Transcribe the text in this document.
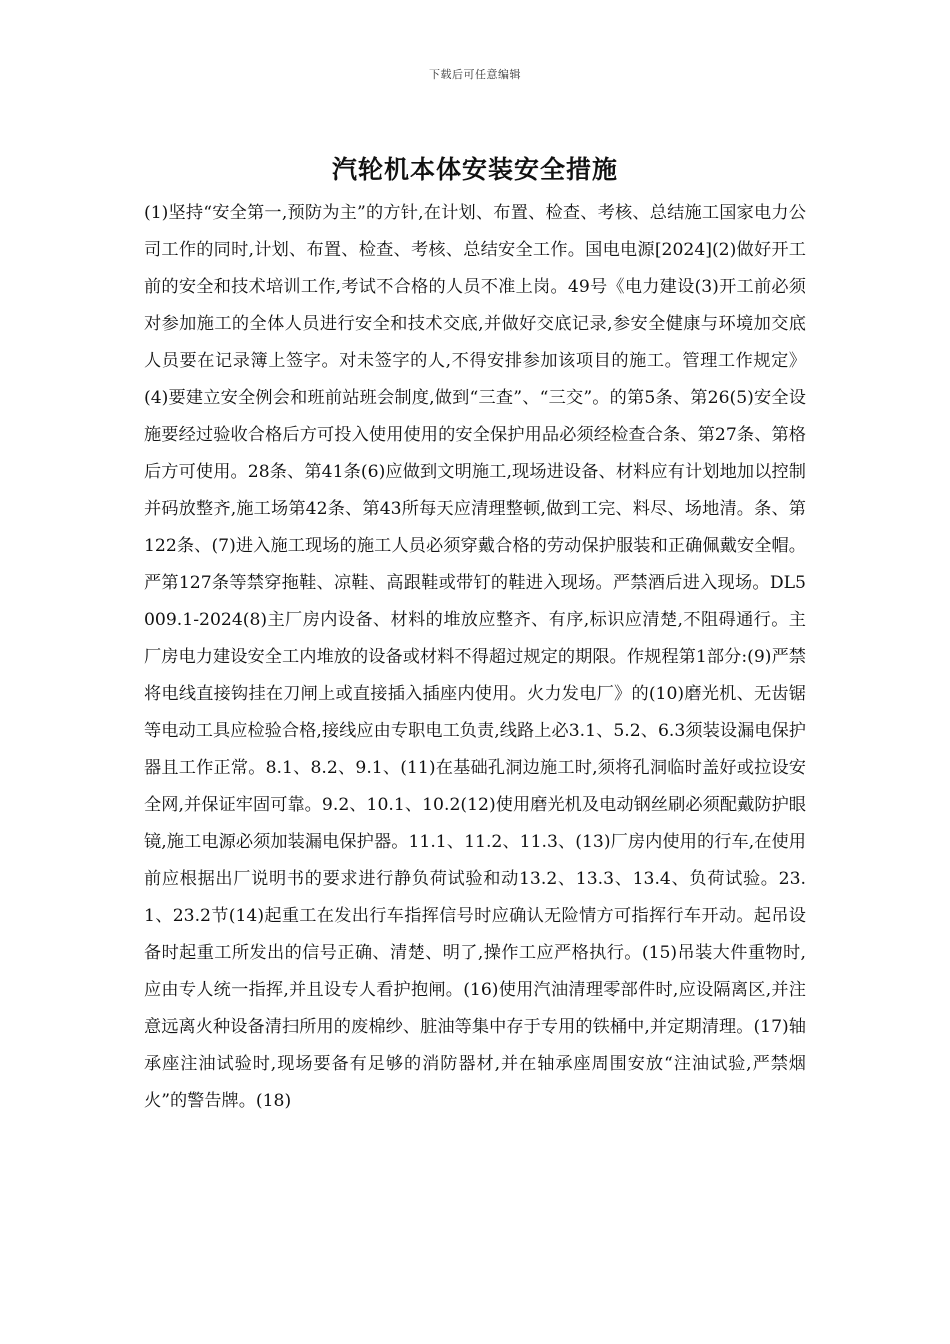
下载后可任意编辑
汽轮机本体安装安全措施

(1)坚持“安全第一,预防为主”的方针,在计划、布置、检查、考核、总结施工国家电力公司工作的同时,计划、布置、检查、考核、总结安全工作。国电电源[2024](2)做好开工前的安全和技术培训工作,考试不合格的人员不准上岗。49号《电力建设(3)开工前必须对参加施工的全体人员进行安全和技术交底,并做好交底记录,参安全健康与环境加交底人员要在记录簿上签字。对未签字的人,不得安排参加该项目的施工。管理工作规定》(4)要建立安全例会和班前站班会制度,做到“三查”、“三交”。的第5条、第26(5)安全设施要经过验收合格后方可投入使用使用的安全保护用品必须经检查合条、第27条、第格后方可使用。28条、第41条(6)应做到文明施工,现场进设备、材料应有计划地加以控制并码放整齐,施工场第42条、第43所每天应清理整顿,做到工完、料尽、场地清。条、第122条、(7)进入施工现场的施工人员必须穿戴合格的劳动保护服装和正确佩戴安全帽。严第127条等禁穿拖鞋、凉鞋、高跟鞋或带钉的鞋进入现场。严禁酒后进入现场。DL5009.1-2024(8)主厂房内设备、材料的堆放应整齐、有序,标识应清楚,不阻碍通行。主厂房电力建设安全工内堆放的设备或材料不得超过规定的期限。作规程第1部分:(9)严禁将电线直接钩挂在刀闸上或直接插入插座内使用。火力发电厂》的(10)磨光机、无齿锯等电动工具应检验合格,接线应由专职电工负责,线路上必3.1、5.2、6.3须装设漏电保护器且工作正常。8.1、8.2、9.1、(11)在基础孔洞边施工时,须将孔洞临时盖好或拉设安全网,并保证牢固可靠。9.2、10.1、10.2(12)使用磨光机及电动钢丝刷必须配戴防护眼镜,施工电源必须加装漏电保护器。11.1、11.2、11.3、(13)厂房内使用的行车,在使用前应根据出厂说明书的要求进行静负荷试验和动13.2、13.3、13.4、负荷试验。23.1、23.2节(14)起重工在发出行车指挥信号时应确认无险情方可指挥行车开动。起吊设备时起重工所发出的信号正确、清楚、明了,操作工应严格执行。(15)吊装大件重物时,应由专人统一指挥,并且设专人看护抱闸。(16)使用汽油清理零部件时,应设隔离区,并注意远离火种设备清扫所用的废棉纱、脏油等集中存于专用的铁桶中,并定期清理。(17)轴承座注油试验时,现场要备有足够的消防器材,并在轴承座周围安放“注油试验,严禁烟火”的警告牌。(18)
